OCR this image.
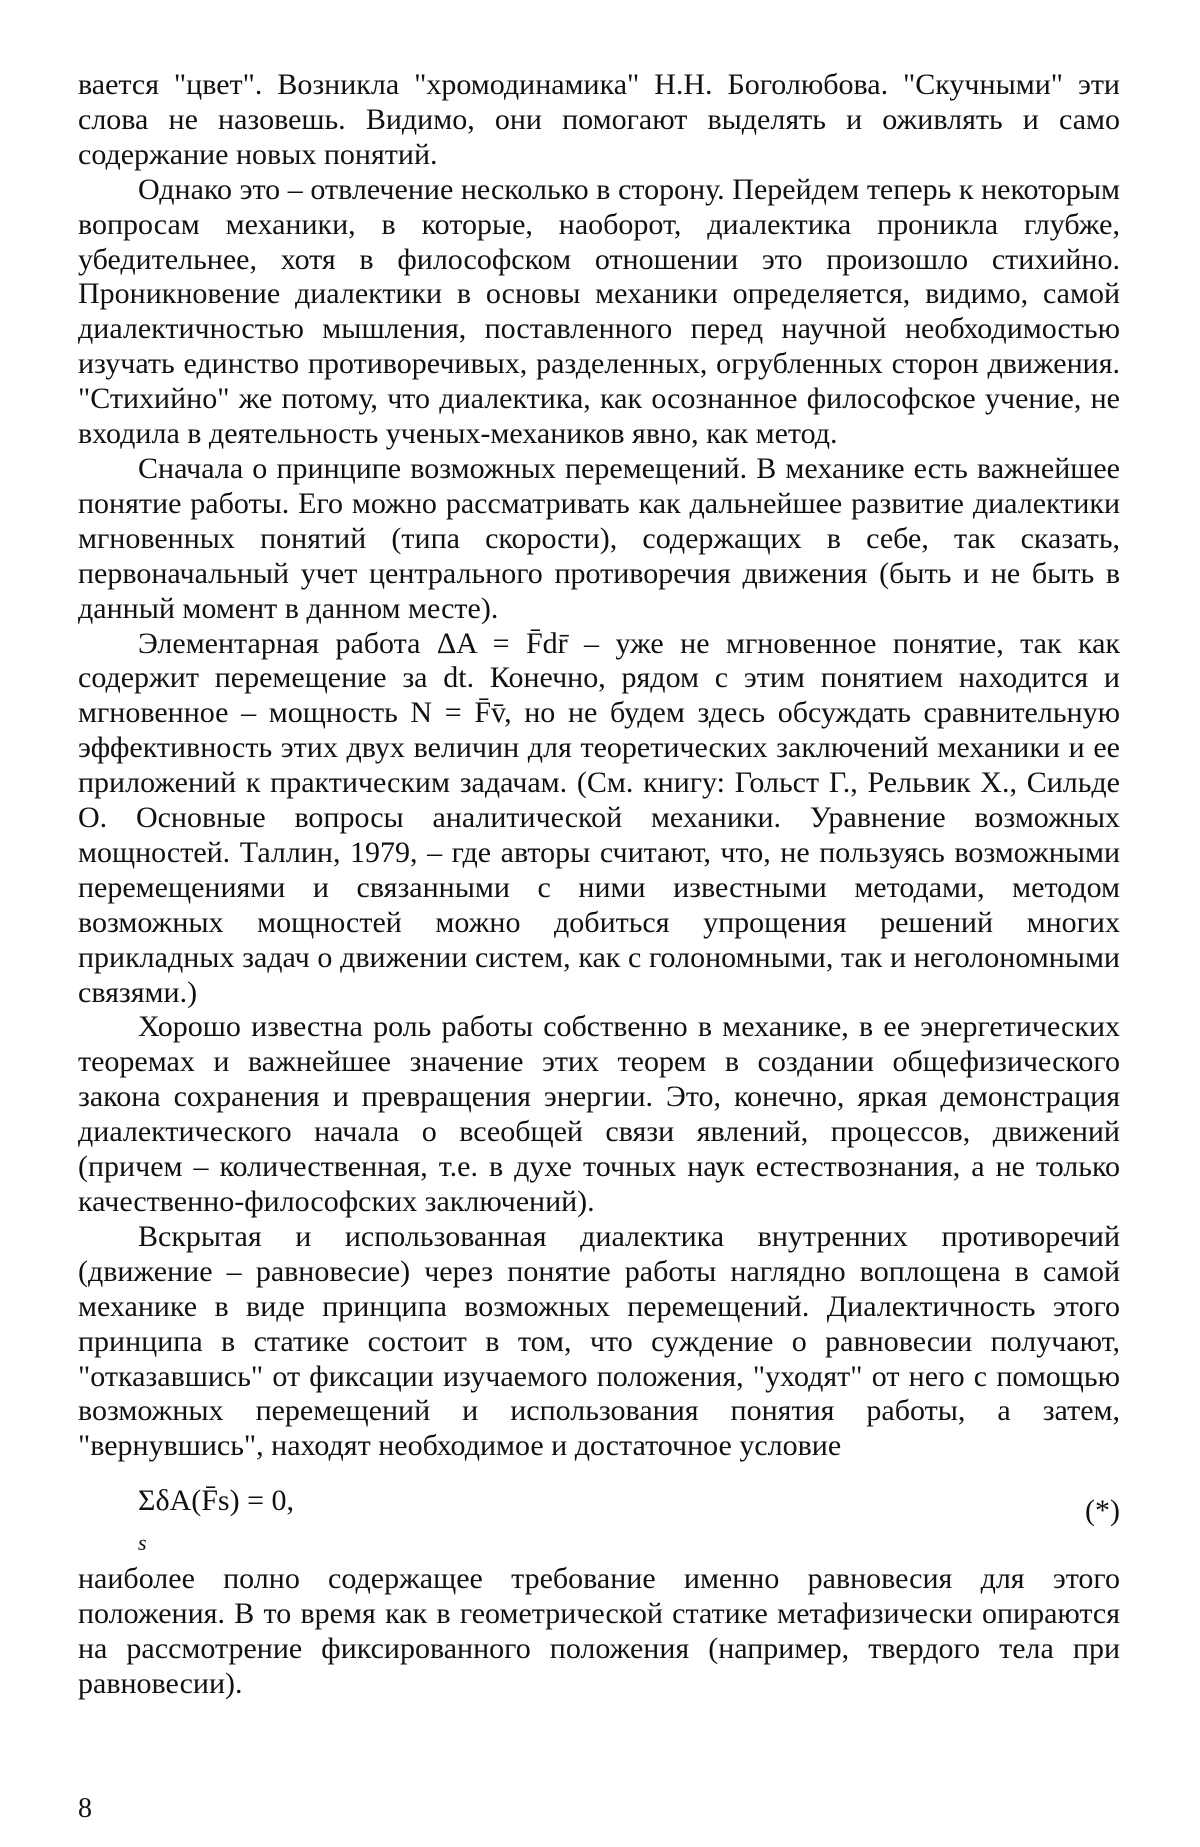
вается "цвет". Возникла "хромодинамика" Н.Н. Боголюбова. "Скучными" эти слова не назовешь. Видимо, они помогают выделять и оживлять и само содержание новых понятий.

Однако это – отвлечение несколько в сторону. Перейдем теперь к некоторым вопросам механики, в которые, наоборот, диалектика проникла глубже, убедительнее, хотя в философском отношении это произошло стихийно. Проникновение диалектики в основы механики определяется, видимо, самой диалектичностью мышления, поставленного перед научной необходимостью изучать единство противоречивых, разделенных, огрубленных сторон движения. "Стихийно" же потому, что диалектика, как осознанное философское учение, не входила в деятельность ученых-механиков явно, как метод.

Сначала о принципе возможных перемещений. В механике есть важнейшее понятие работы. Его можно рассматривать как дальнейшее развитие диалектики мгновенных понятий (типа скорости), содержащих в себе, так сказать, первоначальный учет центрального противоречия движения (быть и не быть в данный момент в данном месте).

Элементарная работа ΔA = F̄dr̄ – уже не мгновенное понятие, так как содержит перемещение за dt. Конечно, рядом с этим понятием находится и мгновенное – мощность N = F̄v̄, но не будем здесь обсуждать сравнительную эффективность этих двух величин для теоретических заключений механики и ее приложений к практическим задачам. (См. книгу: Гольст Г., Рельвик Х., Сильде О. Основные вопросы аналитической механики. Уравнение возможных мощностей. Таллин, 1979, – где авторы считают, что, не пользуясь возможными перемещениями и связанными с ними известными методами, методом возможных мощностей можно добиться упрощения решений многих прикладных задач о движении систем, как с голономными, так и неголономными связями.)

Хорошо известна роль работы собственно в механике, в ее энергетических теоремах и важнейшее значение этих теорем в создании общефизического закона сохранения и превращения энергии. Это, конечно, яркая демонстрация диалектического начала о всеобщей связи явлений, процессов, движений (причем – количественная, т.е. в духе точных наук естествознания, а не только качественно-философских заключений).

Вскрытая и использованная диалектика внутренних противоречий (движение – равновесие) через понятие работы наглядно воплощена в самой механике в виде принципа возможных перемещений. Диалектичность этого принципа в статике состоит в том, что суждение о равновесии получают, "отказавшись" от фиксации изучаемого положения, "уходят" от него с помощью возможных перемещений и использования понятия работы, а затем, "вернувшись", находят необходимое и достаточное условие

ΣδA(F̄s) = 0,
s
(*)

наиболее полно содержащее требование именно равновесия для этого положения. В то время как в геометрической статике метафизически опираются на рассмотрение фиксированного положения (например, твердого тела при равновесии).

8
